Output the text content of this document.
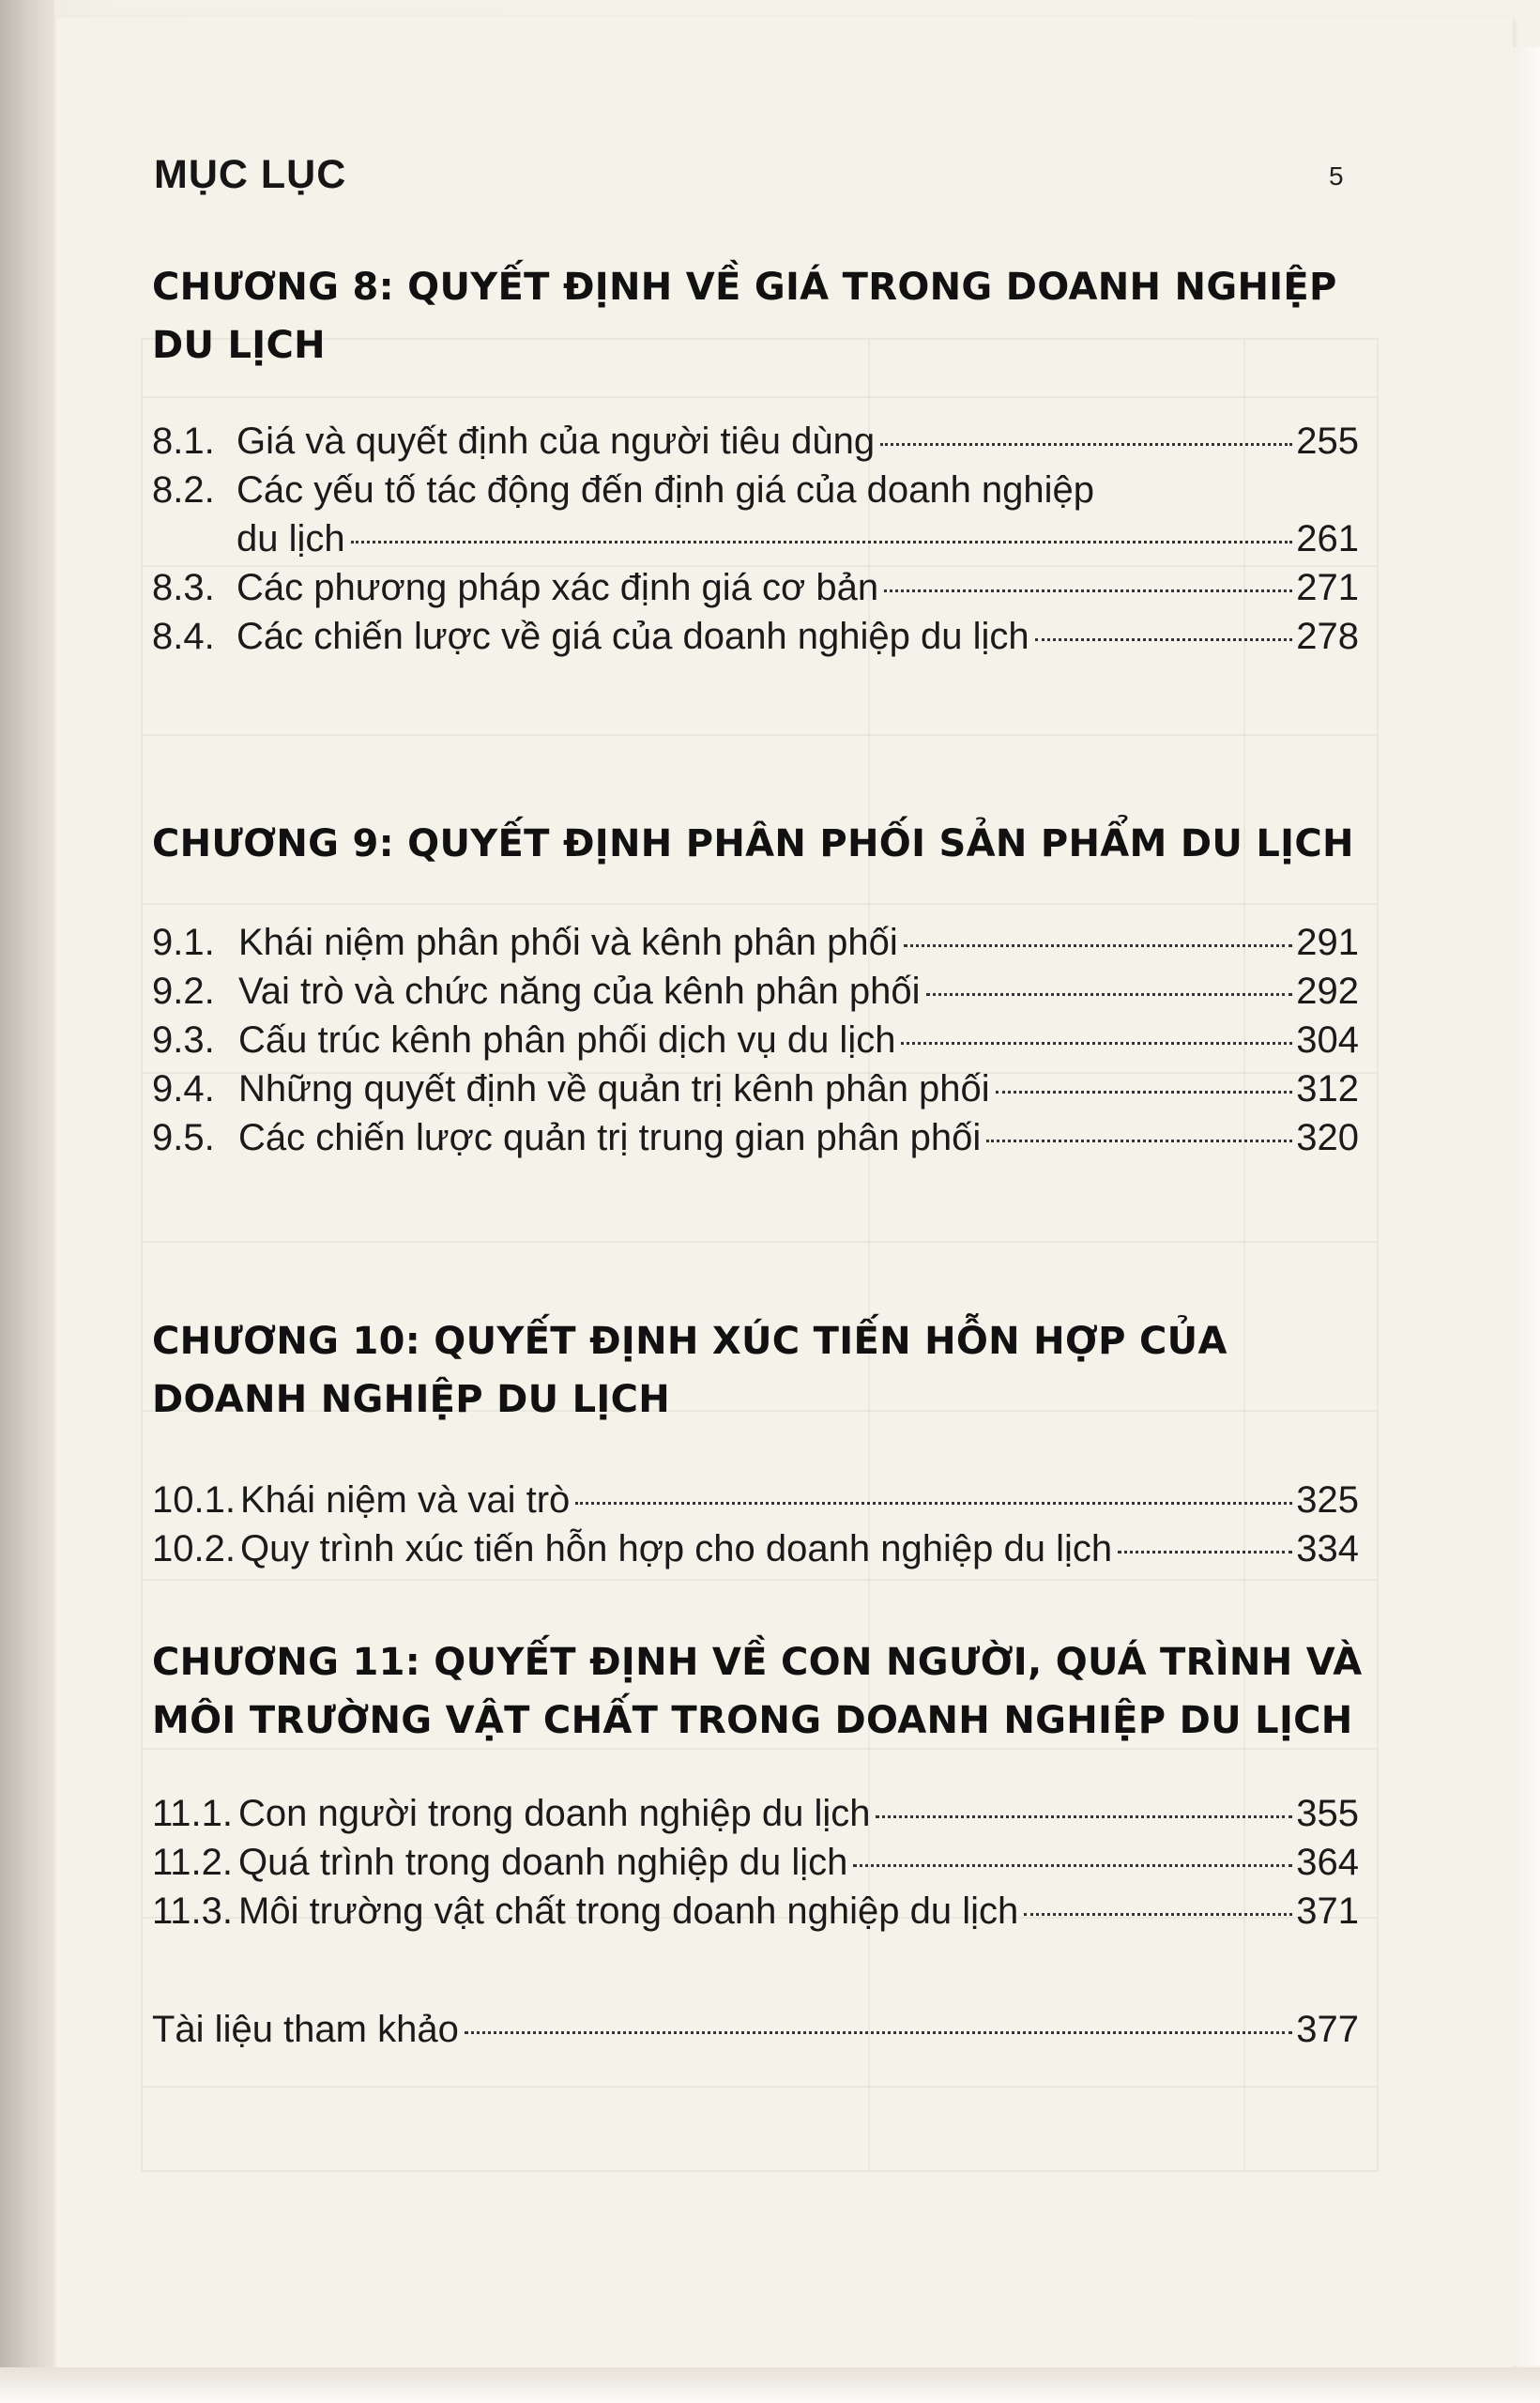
MỤC LỤC	5
CHƯƠNG 8: QUYẾT ĐỊNH VỀ GIÁ TRONG DOANH NGHIỆP
DU LỊCH
8.1. Giá và quyết định của người tiêu dùng	255
8.2. Các yếu tố tác động đến định giá của doanh nghiệp
du lịch	261
8.3. Các phương pháp xác định giá cơ bản	271
8.4. Các chiến lược về giá của doanh nghiệp du lịch	278
CHƯƠNG 9: QUYẾT ĐỊNH PHÂN PHỐI SẢN PHẨM DU LỊCH
9.1. Khái niệm phân phối và kênh phân phối	291
9.2. Vai trò và chức năng của kênh phân phối	292
9.3. Cấu trúc kênh phân phối dịch vụ du lịch	304
9.4. Những quyết định về quản trị kênh phân phối	312
9.5. Các chiến lược quản trị trung gian phân phối	320
CHƯƠNG 10: QUYẾT ĐỊNH XÚC TIẾN HỖN HỢP CỦA
DOANH NGHIỆP DU LỊCH
10.1. Khái niệm và vai trò	325
10.2. Quy trình xúc tiến hỗn hợp cho doanh nghiệp du lịch	334
CHƯƠNG 11: QUYẾT ĐỊNH VỀ CON NGƯỜI, QUÁ TRÌNH VÀ
MÔI TRƯỜNG VẬT CHẤT TRONG DOANH NGHIỆP DU LỊCH
11.1. Con người trong doanh nghiệp du lịch	355
11.2. Quá trình trong doanh nghiệp du lịch	364
11.3. Môi trường vật chất trong doanh nghiệp du lịch	371
Tài liệu tham khảo	377
